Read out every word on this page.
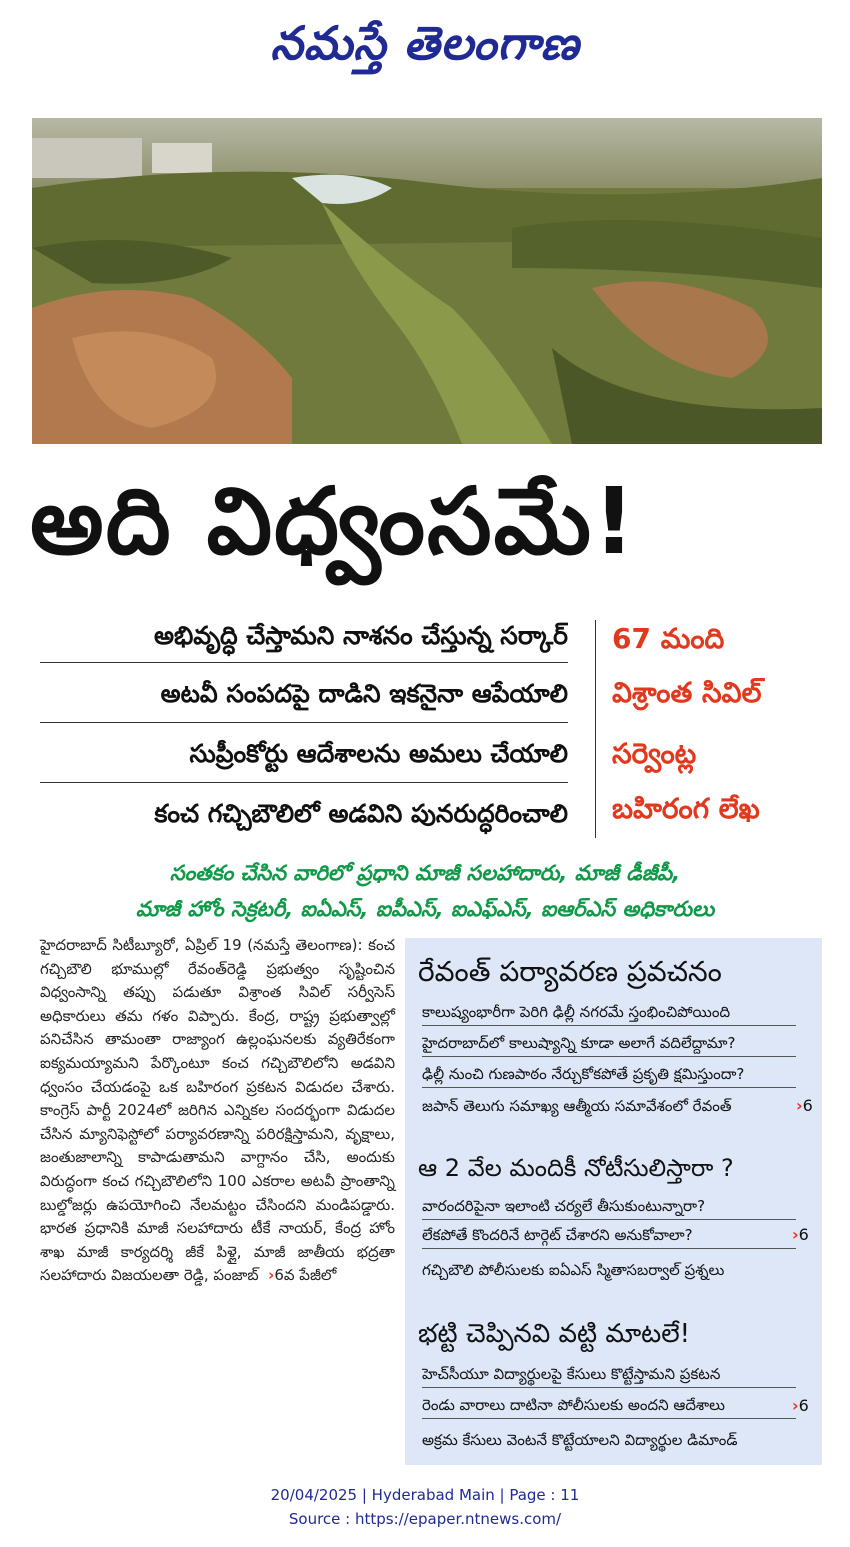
నమస్తే తెలంగాణ
అది విధ్వంసమే!
అభివృద్ధి చేస్తామని నాశనం చేస్తున్న సర్కార్
అటవీ సంపదపై దాడిని ఇకనైనా ఆపేయాలి
సుప్రీంకోర్టు ఆదేశాలను అమలు చేయాలి
కంచ గచ్చిబౌలిలో అడవిని పునరుద్ధరించాలి
67 మంది
విశ్రాంత సివిల్
సర్వెంట్ల
బహిరంగ లేఖ
సంతకం చేసిన వారిలో ప్రధాని మాజీ సలహాదారు, మాజీ డీజీపీ,
మాజీ హోం సెక్రటరీ, ఐఏఎస్, ఐపీఎస్, ఐఎఫ్ఎస్, ఐఆర్ఎస్ అధికారులు

హైదరాబాద్ సిటీబ్యూరో, ఏప్రిల్ 19 (నమస్తే తెలంగాణ): కంచ గచ్చిబౌలి భూముల్లో రేవంత్‌రెడ్డి ప్రభుత్వం సృష్టించిన విధ్వంసాన్ని తప్పు పడుతూ విశ్రాంత సివిల్ సర్వీసెస్ అధికారులు తమ గళం విప్పారు. కేంద్ర, రాష్ట్ర ప్రభుత్వాల్లో పనిచేసిన తామంతా రాజ్యాంగ ఉల్లంఘనలకు వ్యతిరేకంగా ఐక్యమయ్యామని పేర్కొంటూ కంచ గచ్చిబౌలిలోని అడవిని ధ్వంసం చేయడంపై ఒక బహిరంగ ప్రకటన విడుదల చేశారు. కాంగ్రెస్ పార్టీ 2024లో జరిగిన ఎన్నికల సందర్భంగా విడుదల చేసిన మ్యానిఫెస్టోలో పర్యావరణాన్ని పరిరక్షిస్తామని, వృక్షాలు, జంతుజాలాన్ని కాపాడుతామని వాగ్దానం చేసి, అందుకు విరుద్ధంగా కంచ గచ్చిబౌలిలోని 100 ఎకరాల అటవీ ప్రాంతాన్ని బుల్డోజర్లు ఉపయోగించి నేలమట్టం చేసిందని మండిపడ్డారు. భారత ప్రధానికి మాజీ సలహాదారు టీకే నాయర్, కేంద్ర హోం శాఖ మాజీ కార్యదర్శి జీకే పిళ్లై, మాజీ జాతీయ భద్రతా సలహాదారు విజయలతా రెడ్డి, పంజాబ్ ›6వ పేజీలో

రేవంత్ పర్యావరణ ప్రవచనం
కాలుష్యంభారీగా పెరిగి ఢిల్లీ నగరమే స్తంభించిపోయింది
హైదరాబాద్‌లో కాలుష్యాన్ని కూడా అలాగే వదిలేద్దామా?
ఢిల్లీ నుంచి గుణపాఠం నేర్చుకోకపోతే ప్రకృతి క్షమిస్తుందా?
జపాన్ తెలుగు సమాఖ్య ఆత్మీయ సమావేశంలో రేవంత్	›6
ఆ 2 వేల మందికీ నోటీసులిస్తారా ?
వారందరిపైనా ఇలాంటి చర్యలే తీసుకుంటున్నారా?
లేకపోతే కొందరినే టార్గెట్ చేశారని అనుకోవాలా?
గచ్చిబౌలి పోలీసులకు ఐఏఎస్ స్మితాసబర్వాల్ ప్రశ్నలు
›6
భట్టి చెప్పినవి వట్టి మాటలే!
హెచ్‌సీయూ విద్యార్థులపై కేసులు కొట్టేస్తామని ప్రకటన
రెండు వారాలు దాటినా పోలీసులకు అందని ఆదేశాలు
అక్రమ కేసులు వెంటనే కొట్టేయాలని విద్యార్థుల డిమాండ్
›6
20/04/2025 | Hyderabad Main | Page : 11
Source : https://epaper.ntnews.com/
